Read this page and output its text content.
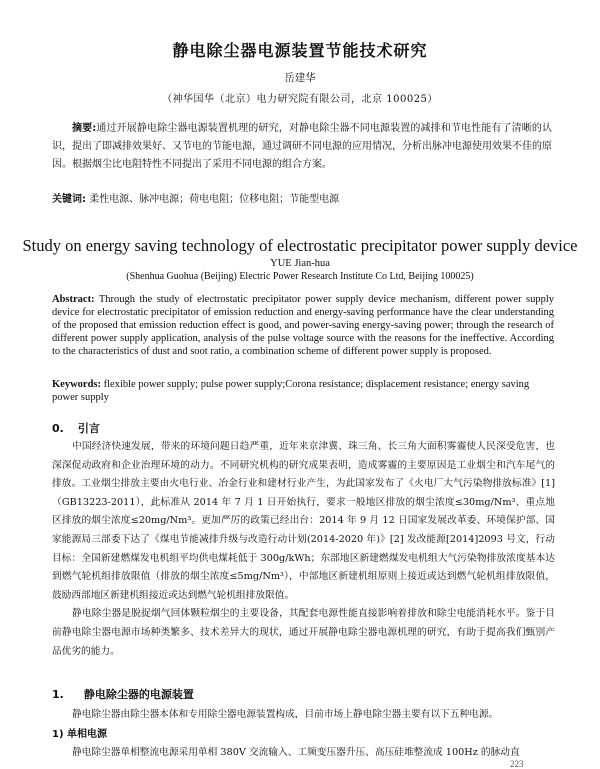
静电除尘器电源装置节能技术研究
岳建华
（神华国华（北京）电力研究院有限公司，北京 100025）
摘要:通过开展静电除尘器电源装置机理的研究，对静电除尘器不同电源装置的减排和节电性能有了清晰的认识，提出了即减排效果好、又节电的节能电源，通过调研不同电源的应用情况，分析出脉冲电源使用效果不佳的原因。根据烟尘比电阻特性不同提出了采用不同电源的组合方案。
关键词: 柔性电源、脉冲电源；荷电电阻；位移电阻；节能型电源
Study on energy saving technology of electrostatic precipitator power supply device
YUE Jian-hua
(Shenhua Guohua (Beijing) Electric Power Research Institute Co Ltd, Beijing 100025)
Abstract: Through the study of electrostatic precipitator power supply device mechanism, different power supply device for electrostatic precipitator of emission reduction and energy-saving performance have the clear understanding of the proposed that emission reduction effect is good, and power-saving energy-saving power; through the research of different power supply application, analysis of the pulse voltage source with the reasons for the ineffective. According to the characteristics of dust and soot ratio, a combination scheme of different power supply is proposed.
Keywords: flexible power supply; pulse power supply;Corona resistance; displacement resistance; energy saving power supply
0. 引言

中国经济快速发展，带来的环境问题日趋严重，近年来京津冀、珠三角、长三角大面积雾霾使人民深受危害，也深深促动政府和企业治理环境的动力。不同研究机构的研究成果表明，造成雾霾的主要原因是工业烟尘和汽车尾气的排放。工业烟尘排放主要由火电行业、冶金行业和建材行业产生，为此国家发布了《火电厂大气污染物排放标准》[1]（GB13223-2011），此标准从 2014 年 7 月 1 日开始执行，要求一般地区排放的烟尘浓度≤30mg/Nm³、重点地区排放的烟尘浓度≤20mg/Nm³。更加严厉的政策已经出台：2014 年 9 月 12 日国家发展改革委、环境保护部、国家能源局三部委下达了《煤电节能减排升级与改造行动计划(2014-2020 年)》[2] 发改能源[2014]2093 号文，行动目标：全国新建燃煤发电机组平均供电煤耗低于 300g/kWh；东部地区新建燃煤发电机组大气污染物排放浓度基本达到燃气轮机组排放限值（排放的烟尘浓度≤5mg/Nm³），中部地区新建机组原则上接近或达到燃气轮机组排放限值，鼓励西部地区新建机组接近或达到燃气轮机组排放限值。

静电除尘器是脱捉烟气回体颗粒烟尘的主要设备，其配套电源性能直接影响着排放和除尘电能消耗水平。鉴于目前静电除尘器电源市场种类繁多、技术差异大的现状，通过开展静电除尘器电源机理的研究，有助于提高我们甄别产品优劣的能力。

1. 静电除尘器的电源装置
静电除尘器由除尘器本体和专用除尘器电源装置构成，目前市场上静电除尘器主要有以下五种电源。
1) 单相电源
静电除尘器单相整流电源采用单相 380V 交流输入、工频变压器升压、高压硅堆整流成 100Hz 的脉动直
223
